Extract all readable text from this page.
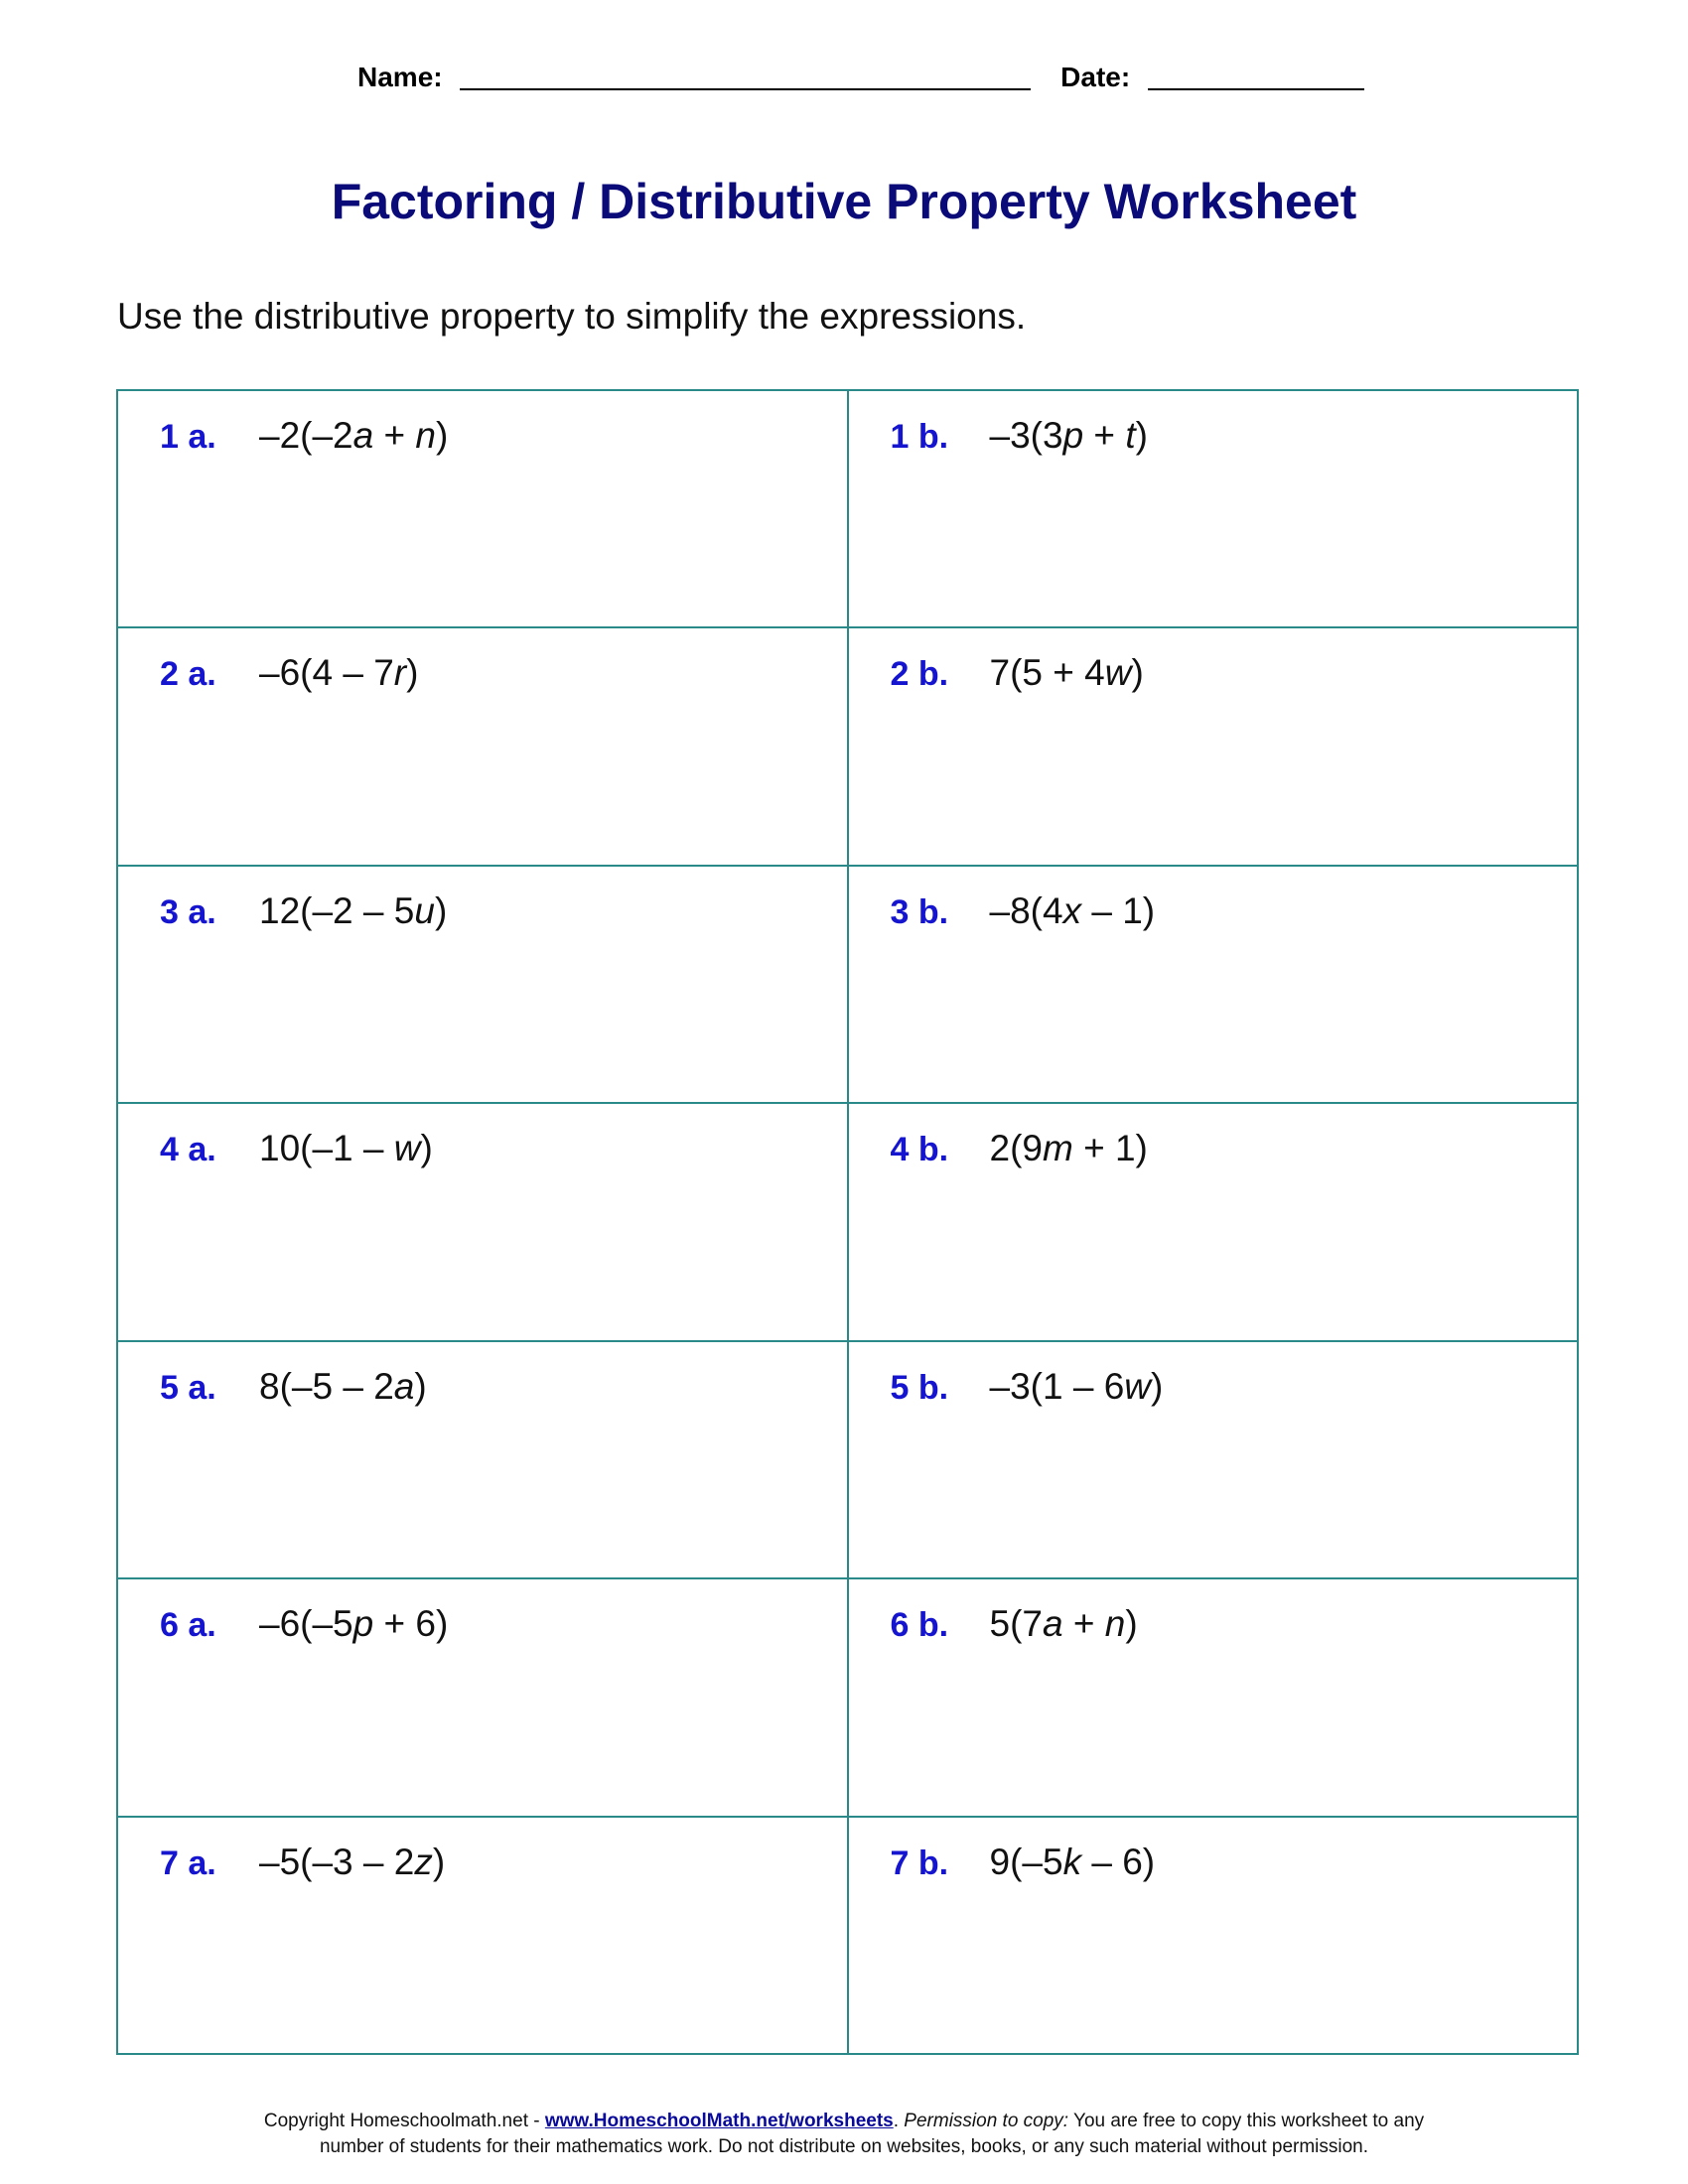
Name:	Date:
Factoring / Distributive Property Worksheet
Use the distributive property to simplify the expressions.
1 a. –2(–2a + n)	1 b. –3(3p + t)

2 a. –6(4 – 7r)	2 b. 7(5 + 4w)

3 a. 12(–2 – 5u)	3 b. –8(4x – 1)

4 a. 10(–1 – w)	4 b. 2(9m + 1)

5 a. 8(–5 – 2a)	5 b. –3(1 – 6w)

6 a. –6(–5p + 6)	6 b. 5(7a + n)

7 a. –5(–3 – 2z)	7 b. 9(–5k – 6)
Copyright Homeschoolmath.net - www.HomeschoolMath.net/worksheets. Permission to copy: You are free to copy this worksheet to any
number of students for their mathematics work. Do not distribute on websites, books, or any such material without permission.
